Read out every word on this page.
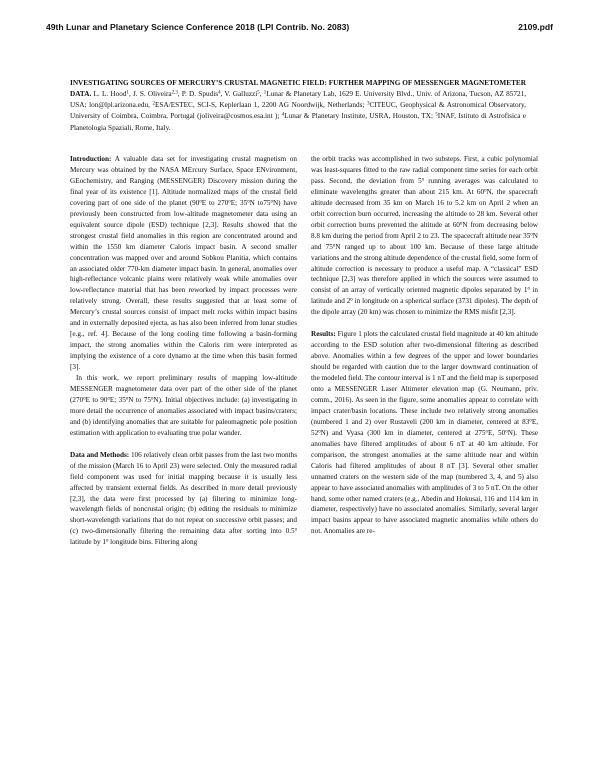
49th Lunar and Planetary Science Conference 2018 (LPI Contrib. No. 2083)	2109.pdf
INVESTIGATING SOURCES OF MERCURY’S CRUSTAL MAGNETIC FIELD: FURTHER MAPPING OF MESSENGER MAGNETOMETER DATA. L. L. Hood$^1$, J. S. Oliveira$^{2,3}$, P. D. Spudis$^4$, V. Galluzzi$^5$, $^1$Lunar & Planetary Lab, 1629 E. University Blvd., Univ. of Arizona, Tucson, AZ 85721, USA; lon@lpl.arizona.edu, $^2$ESA/ESTEC, SCI-S, Keplerlaan 1, 2200 AG Noordwijk, Netherlands; $^3$CITEUC, Geophysical & Astronomical Observatory, University of Coimbra, Coimbra, Portugal (joliveira@cosmos.esa.int ); $^4$Lunar & Planetary Institute, USRA, Houston, TX; $^5$INAF, Istituto di Astrofisica e Planetologia Spaziali, Rome, Italy.

Introduction: A valuable data set for investigating crustal magnetism on Mercury was obtained by the NASA MErcury Surface, Space ENvironment, GEochemistry, and Ranging (MESSENGER) Discovery mission during the final year of its existence [1]. Altitude normalized maps of the crustal field covering part of one side of the planet (90$^o$E to 270$^o$E; 35$^o$N to75$^o$N) have previously been constructed from low-altitude magnetometer data using an equivalent source dipole (ESD) technique [2,3]. Results showed that the strongest crustal field anomalies in this region are concentrated around and within the 1550 km diameter Caloris impact basin. A second smaller concentration was mapped over and around Sobkou Planitia, which contains an associated older 770-km diameter impact basin. In general, anomalies over high-reflectance volcanic plains were relatively weak while anomalies over low-reflectance material that has been reworked by impact processes were relatively strong. Overall, these results suggested that at least some of Mercury’s crustal sources consist of impact melt rocks within impact basins and in externally deposited ejecta, as has also been inferred from lunar studies [e.g., ref. 4]. Because of the long cooling time following a basin-forming impact, the strong anomalies within the Caloris rim were interpreted as implying the existence of a core dynamo at the time when this basin formed [3].

In this work, we report preliminary results of mapping low-altitude MESSENGER magnetometer data over part of the other side of the planet (270$^o$E to 90$^o$E; 35$^o$N to 75$^o$N). Initial objectives include: (a) investigating in more detail the occurrence of anomalies associated with impact basins/craters; and (b) identifying anomalies that are suitable for paleomagnetic pole position estimation with application to evaluating true polar wander.

Data and Methods: 106 relatively clean orbit passes from the last two months of the mission (March 16 to April 23) were selected. Only the measured radial field component was used for initial mapping because it is usually less affected by transient external fields. As described in more detail previously [2,3], the data were first processed by (a) filtering to minimize long-wavelength fields of noncrustal origin; (b) editing the residuals to minimize short-wavelength variations that do not repeat on successive orbit passes; and (c) two-dimensionally filtering the remaining data after sorting into 0.5$^o$ latitude by 1$^o$ longitude bins. Filtering along

the orbit tracks was accomplished in two substeps. First, a cubic polynomial was least-squares fitted to the raw radial component time series for each orbit pass. Second, the deviation from 5$^o$ running averages was calculated to eliminate wavelengths greater than about 215 km. At 60$^o$N, the spacecraft altitude decreased from 35 km on March 16 to 5.2 km on April 2 when an orbit correction burn occurred, increasing the altitude to 28 km. Several other orbit correction burns prevented the altitude at 60$^o$N from decreasing below 8.8 km during the period from April 2 to 23. The spacecraft altitude near 35$^o$N and 75$^o$N ranged up to about 100 km. Because of these large altitude variations and the strong altitude dependence of the crustal field, some form of altitude correction is necessary to produce a useful map. A “classical” ESD technique [2,3] was therefore applied in which the sources were assumed to consist of an array of vertically oriented magnetic dipoles separated by 1$^o$ in latitude and 2$^o$ in longitude on a spherical surface (3731 dipoles). The depth of the dipole array (20 km) was chosen to minimize the RMS misfit [2,3].

Results: Figure 1 plots the calculated crustal field magnitude at 40 km altitude according to the ESD solution after two-dimensional filtering as described above. Anomalies within a few degrees of the upper and lower boundaries should be regarded with caution due to the larger downward continuation of the modeled field. The contour interval is 1 nT and the field map is superposed onto a MESSENGER Laser Altimeter elevation map (G. Neumann, priv. comm., 2016). As seen in the figure, some anomalies appear to correlate with impact crater/basin locations. These include two relatively strong anomalies (numbered 1 and 2) over Rustaveli (200 km in diameter, centered at 83$^o$E, 52$^o$N) and Vyasa (300 km in diameter, centered at 275$^o$E, 50$^o$N). These anomalies have filtered amplitudes of about 6 nT at 40 km altitude. For comparison, the strongest anomalies at the same altitude near and within Caloris had filtered amplitudes of about 8 nT [3]. Several other smaller unnamed craters on the western side of the map (numbered 3, 4, and 5) also appear to have associated anomalies with amplitudes of 3 to 5 nT. On the other hand, some other named craters (e.g., Abedin and Hokusai, 116 and 114 km in diameter, respectively) have no associated anomalies. Similarly, several larger impact basins appear to have associated magnetic anomalies while others do not. Anomalies are re-
